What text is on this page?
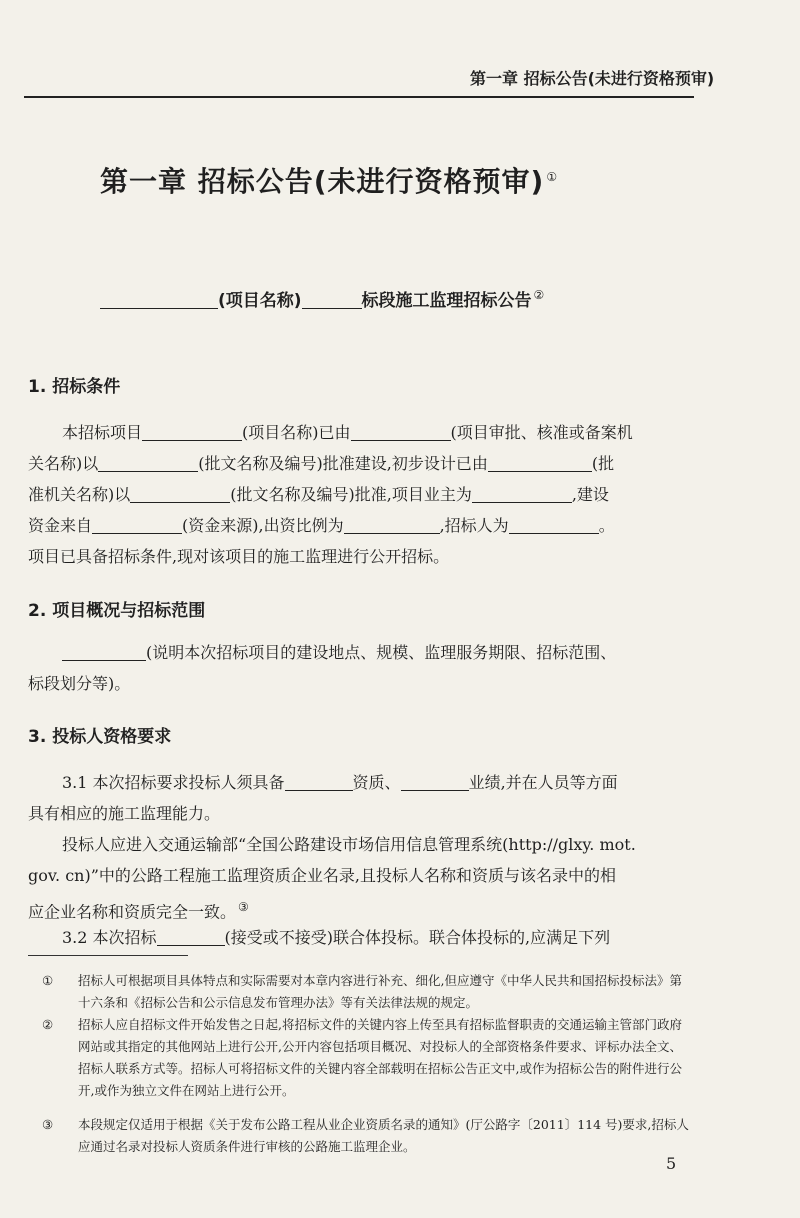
第一章 招标公告(未进行资格预审)
第一章 招标公告(未进行资格预审) ①
(项目名称)	标段施工监理招标公告 ②
1. 招标条件
本招标项目	(项目名称)已由	(项目审批、核准或备案机
关名称)以	(批文名称及编号)批准建设,初步设计已由	(批
准机关名称)以	(批文名称及编号)批准,项目业主为	,建设
资金来自	(资金来源),出资比例为	,招标人为	。
项目已具备招标条件,现对该项目的施工监理进行公开招标。
2. 项目概况与招标范围
(说明本次招标项目的建设地点、规模、监理服务期限、招标范围、
标段划分等)。
3. 投标人资格要求
3.1 本次招标要求投标人须具备	资质、	业绩,并在人员等方面
具有相应的施工监理能力。
投标人应进入交通运输部“全国公路建设市场信用信息管理系统(http://glxy. mot.
gov. cn)”中的公路工程施工监理资质企业名录,且投标人名称和资质与该名录中的相
应企业名称和资质完全一致。 ③
3.2 本次招标	(接受或不接受)联合体投标。联合体投标的,应满足下列
①	招标人可根据项目具体特点和实际需要对本章内容进行补充、细化,但应遵守《中华人民共和国招标投标法》第十六条和《招标公告和公示信息发布管理办法》等有关法律法规的规定。
②	招标人应自招标文件开始发售之日起,将招标文件的关键内容上传至具有招标监督职责的交通运输主管部门政府网站或其指定的其他网站上进行公开,公开内容包括项目概况、对投标人的全部资格条件要求、评标办法全文、招标人联系方式等。招标人可将招标文件的关键内容全部载明在招标公告正文中,或作为招标公告的附件进行公开,或作为独立文件在网站上进行公开。
③	本段规定仅适用于根据《关于发布公路工程从业企业资质名录的通知》(厅公路字〔2011〕114 号)要求,招标人应通过名录对投标人资质条件进行审核的公路施工监理企业。
5
